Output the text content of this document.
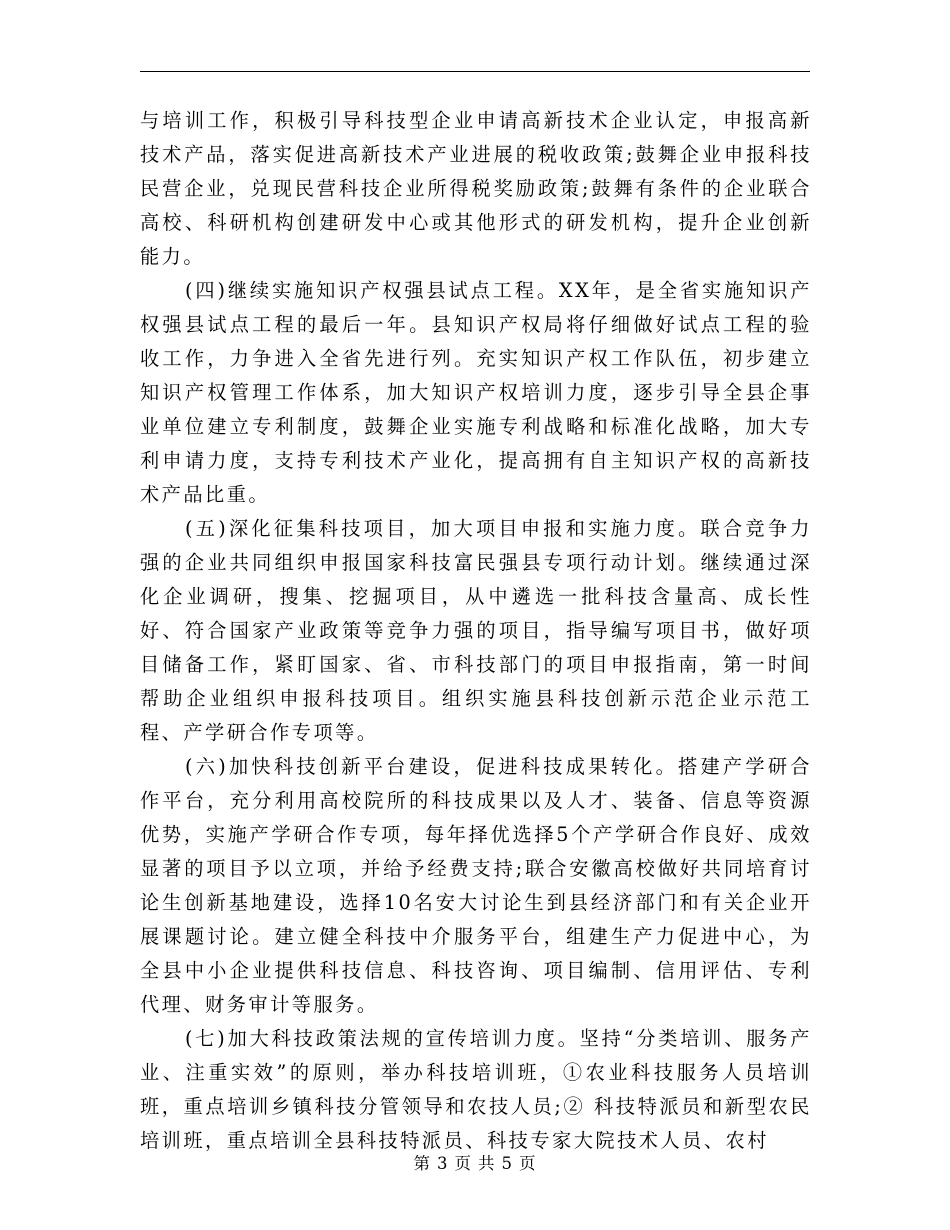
与培训工作，积极引导科技型企业申请高新技术企业认定，申报高新技术产品，落实促进高新技术产业进展的税收政策;鼓舞企业申报科技民营企业，兑现民营科技企业所得税奖励政策;鼓舞有条件的企业联合高校、科研机构创建研发中心或其他形式的研发机构，提升企业创新能力。

(四)继续实施知识产权强县试点工程。XX年，是全省实施知识产权强县试点工程的最后一年。县知识产权局将仔细做好试点工程的验收工作，力争进入全省先进行列。充实知识产权工作队伍，初步建立知识产权管理工作体系，加大知识产权培训力度，逐步引导全县企事业单位建立专利制度，鼓舞企业实施专利战略和标准化战略，加大专利申请力度，支持专利技术产业化，提高拥有自主知识产权的高新技术产品比重。

(五)深化征集科技项目，加大项目申报和实施力度。联合竞争力强的企业共同组织申报国家科技富民强县专项行动计划。继续通过深化企业调研，搜集、挖掘项目，从中遴选一批科技含量高、成长性好、符合国家产业政策等竞争力强的项目，指导编写项目书，做好项目储备工作，紧盯国家、省、市科技部门的项目申报指南，第一时间帮助企业组织申报科技项目。组织实施县科技创新示范企业示范工程、产学研合作专项等。

(六)加快科技创新平台建设，促进科技成果转化。搭建产学研合作平台，充分利用高校院所的科技成果以及人才、装备、信息等资源优势，实施产学研合作专项，每年择优选择5个产学研合作良好、成效显著的项目予以立项，并给予经费支持;联合安徽高校做好共同培育讨论生创新基地建设，选择10名安大讨论生到县经济部门和有关企业开展课题讨论。建立健全科技中介服务平台，组建生产力促进中心，为全县中小企业提供科技信息、科技咨询、项目编制、信用评估、专利代理、财务审计等服务。

(七)加大科技政策法规的宣传培训力度。坚持“分类培训、服务产业、注重实效”的原则，举办科技培训班，①农业科技服务人员培训班，重点培训乡镇科技分管领导和农技人员;② 科技特派员和新型农民培训班，重点培训全县科技特派员、科技专家大院技术人员、农村

第 3 页 共 5 页
